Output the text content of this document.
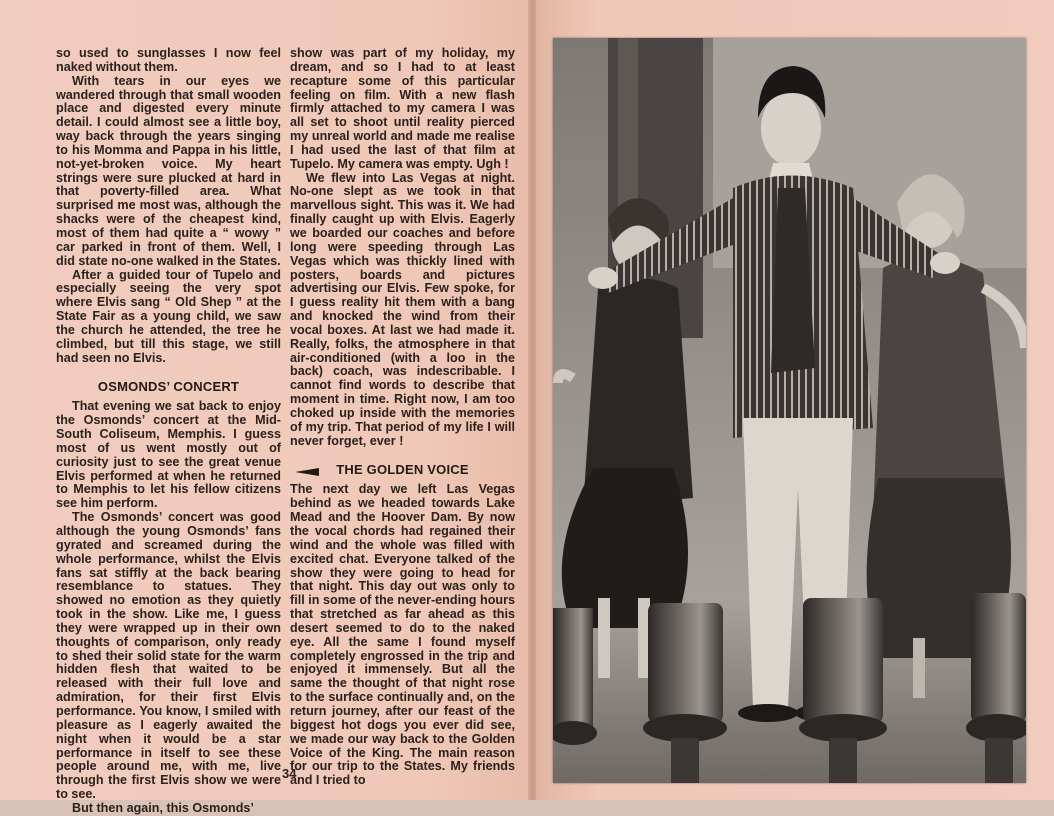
so used to sunglasses I now feel naked without them.

With tears in our eyes we wandered through that small wooden place and digested every minute detail. I could almost see a little boy, way back through the years singing to his Momma and Pappa in his little, not-yet-broken voice. My heart strings were sure plucked at hard in that poverty-filled area. What surprised me most was, although the shacks were of the cheapest kind, most of them had quite a “ wowy ” car parked in front of them. Well, I did state no-one walked in the States.

After a guided tour of Tupelo and especially seeing the very spot where Elvis sang “ Old Shep ” at the State Fair as a young child, we saw the church he attended, the tree he climbed, but till this stage, we still had seen no Elvis.

OSMONDS’ CONCERT

That evening we sat back to enjoy the Osmonds’ concert at the Mid-South Coliseum, Memphis. I guess most of us went mostly out of curiosity just to see the great venue Elvis performed at when he returned to Memphis to let his fellow citizens see him perform.

The Osmonds’ concert was good although the young Osmonds’ fans gyrated and screamed during the whole performance, whilst the Elvis fans sat stiffly at the back bearing resemblance to statues. They showed no emotion as they quietly took in the show. Like me, I guess they were wrapped up in their own thoughts of comparison, only ready to shed their solid state for the warm hidden flesh that waited to be released with their full love and admiration, for their first Elvis performance. You know, I smiled with pleasure as I eagerly awaited the night when it would be a star performance in itself to see these people around me, with me, live through the first Elvis show we were to see.

But then again, this Osmonds’

show was part of my holiday, my dream, and so I had to at least recapture some of this particular feeling on film. With a new flash firmly attached to my camera I was all set to shoot until reality pierced my unreal world and made me realise I had used the last of that film at Tupelo. My camera was empty. Ugh !

We flew into Las Vegas at night. No-one slept as we took in that marvellous sight. This was it. We had finally caught up with Elvis. Eagerly we boarded our coaches and before long were speeding through Las Vegas which was thickly lined with posters, boards and pictures advertising our Elvis. Few spoke, for I guess reality hit them with a bang and knocked the wind from their vocal boxes. At last we had made it. Really, folks, the atmosphere in that air-conditioned (with a loo in the back) coach, was indescribable. I cannot find words to describe that moment in time. Right now, I am too choked up inside with the memories of my trip. That period of my life I will never forget, ever !

THE GOLDEN VOICE

The next day we left Las Vegas behind as we headed towards Lake Mead and the Hoover Dam. By now the vocal chords had regained their wind and the whole was filled with excited chat. Everyone talked of the show they were going to head for that night. This day out was only to fill in some of the never-ending hours that stretched as far ahead as this desert seemed to do to the naked eye. All the same I found myself completely engrossed in the trip and enjoyed it immensely. But all the same the thought of that night rose to the surface continually and, on the return journey, after our feast of the biggest hot dogs you ever did see, we made our way back to the Golden Voice of the King. The main reason for our trip to the States. My friends and I tried to

34
